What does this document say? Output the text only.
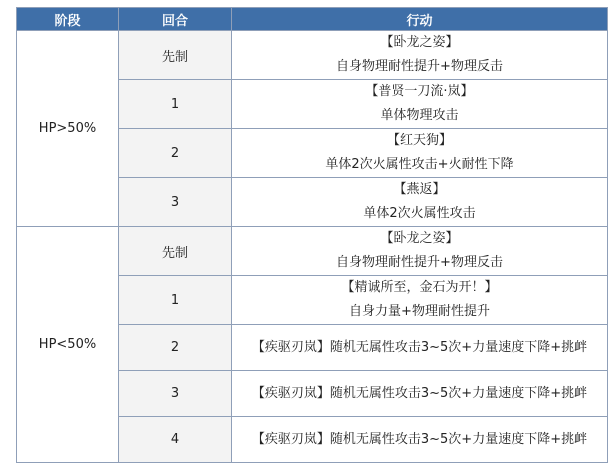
阶段	回合	行动
HP>50%	先制	【卧龙之姿】
自身物理耐性提升+物理反击

	1	【普贤一刀流·岚】
单体物理攻击

	2	【红天狗】
单体2次火属性攻击+火耐性下降

	3	【燕返】
单体2次火属性攻击

HP<50%	先制	【卧龙之姿】
自身物理耐性提升+物理反击

	1	【精诚所至，金石为开！】
自身力量+物理耐性提升

	2	【疾驱刃岚】随机无属性攻击3~5次+力量速度下降+挑衅

	3	【疾驱刃岚】随机无属性攻击3~5次+力量速度下降+挑衅

	4	【疾驱刃岚】随机无属性攻击3~5次+力量速度下降+挑衅
